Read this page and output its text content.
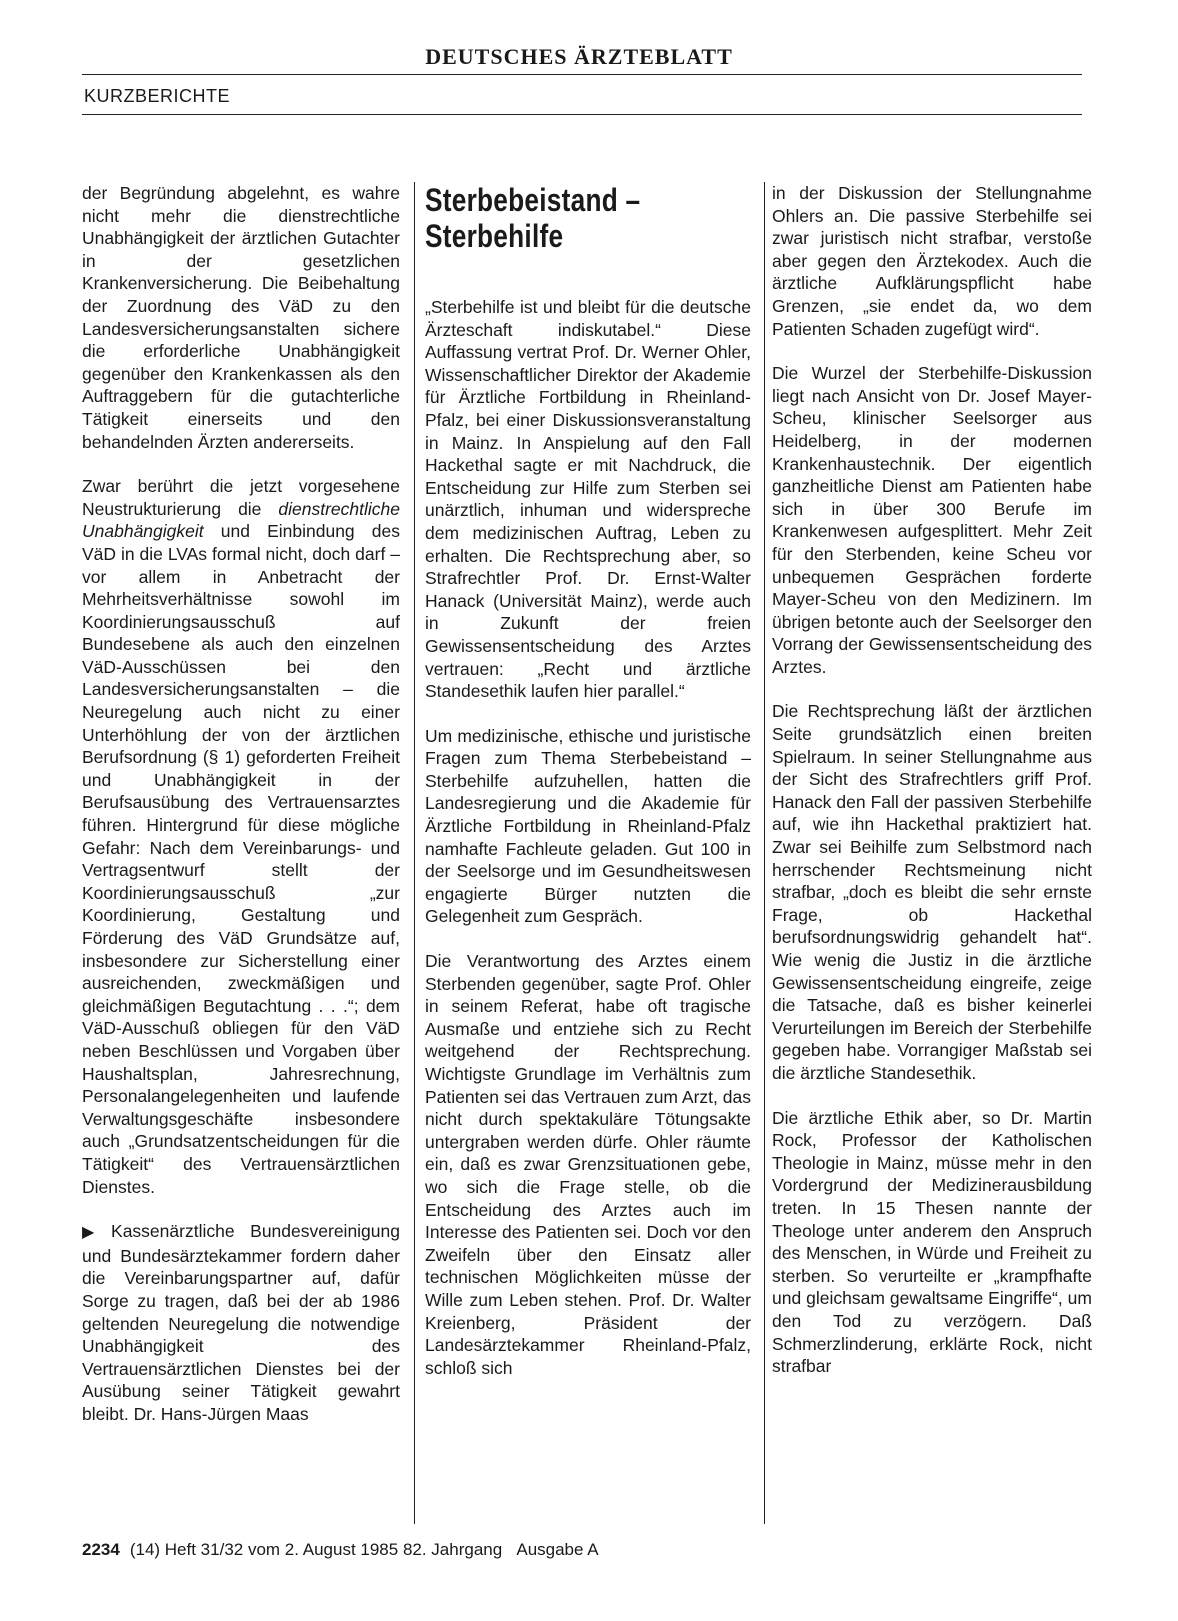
DEUTSCHES ÄRZTEBLATT
KURZBERICHTE

der Begründung abgelehnt, es wahre nicht mehr die dienstrechtliche Unabhängigkeit der ärztlichen Gutachter in der gesetzlichen Krankenversicherung. Die Beibehaltung der Zuordnung des VäD zu den Landesversicherungsanstalten sichere die erforderliche Unabhängigkeit gegenüber den Krankenkassen als den Auftraggebern für die gutachterliche Tätigkeit einerseits und den behandelnden Ärzten andererseits.

Zwar berührt die jetzt vorgesehene Neustrukturierung die dienstrechtliche Unabhängigkeit und Einbindung des VäD in die LVAs formal nicht, doch darf – vor allem in Anbetracht der Mehrheitsverhältnisse sowohl im Koordinierungsausschuß auf Bundesebene als auch den einzelnen VäD-Ausschüssen bei den Landesversicherungsanstalten – die Neuregelung auch nicht zu einer Unterhöhlung der von der ärztlichen Berufsordnung (§ 1) geforderten Freiheit und Unabhängigkeit in der Berufsausübung des Vertrauensarztes führen. Hintergrund für diese mögliche Gefahr: Nach dem Vereinbarungs- und Vertragsentwurf stellt der Koordinierungsausschuß „zur Koordinierung, Gestaltung und Förderung des VäD Grundsätze auf, insbesondere zur Sicherstellung einer ausreichenden, zweckmäßigen und gleichmäßigen Begutachtung . . .“; dem VäD-Ausschuß obliegen für den VäD neben Beschlüssen und Vorgaben über Haushaltsplan, Jahresrechnung, Personalangelegenheiten und laufende Verwaltungsgeschäfte insbesondere auch „Grundsatzentscheidungen für die Tätigkeit“ des Vertrauensärztlichen Dienstes.

▶ Kassenärztliche Bundesvereinigung und Bundesärztekammer fordern daher die Vereinbarungspartner auf, dafür Sorge zu tragen, daß bei der ab 1986 geltenden Neuregelung die notwendige Unabhängigkeit des Vertrauensärztlichen Dienstes bei der Ausübung seiner Tätigkeit gewahrt bleibt. Dr. Hans-Jürgen Maas

Sterbebeistand –
Sterbehilfe

„Sterbehilfe ist und bleibt für die deutsche Ärzteschaft indiskutabel.“ Diese Auffassung vertrat Prof. Dr. Werner Ohler, Wissenschaftlicher Direktor der Akademie für Ärztliche Fortbildung in Rheinland-Pfalz, bei einer Diskussionsveranstaltung in Mainz. In Anspielung auf den Fall Hackethal sagte er mit Nachdruck, die Entscheidung zur Hilfe zum Sterben sei unärztlich, inhuman und widerspreche dem medizinischen Auftrag, Leben zu erhalten. Die Rechtsprechung aber, so Strafrechtler Prof. Dr. Ernst-Walter Hanack (Universität Mainz), werde auch in Zukunft der freien Gewissensentscheidung des Arztes vertrauen: „Recht und ärztliche Standesethik laufen hier parallel.“

Um medizinische, ethische und juristische Fragen zum Thema Sterbebeistand – Sterbehilfe aufzuhellen, hatten die Landesregierung und die Akademie für Ärztliche Fortbildung in Rheinland-Pfalz namhafte Fachleute geladen. Gut 100 in der Seelsorge und im Gesundheitswesen engagierte Bürger nutzten die Gelegenheit zum Gespräch.

Die Verantwortung des Arztes einem Sterbenden gegenüber, sagte Prof. Ohler in seinem Referat, habe oft tragische Ausmaße und entziehe sich zu Recht weitgehend der Rechtsprechung. Wichtigste Grundlage im Verhältnis zum Patienten sei das Vertrauen zum Arzt, das nicht durch spektakuläre Tötungsakte untergraben werden dürfe. Ohler räumte ein, daß es zwar Grenzsituationen gebe, wo sich die Frage stelle, ob die Entscheidung des Arztes auch im Interesse des Patienten sei. Doch vor den Zweifeln über den Einsatz aller technischen Möglichkeiten müsse der Wille zum Leben stehen. Prof. Dr. Walter Kreienberg, Präsident der Landesärztekammer Rheinland-Pfalz, schloß sich

in der Diskussion der Stellungnahme Ohlers an. Die passive Sterbehilfe sei zwar juristisch nicht strafbar, verstoße aber gegen den Ärztekodex. Auch die ärztliche Aufklärungspflicht habe Grenzen, „sie endet da, wo dem Patienten Schaden zugefügt wird“.

Die Wurzel der Sterbehilfe-Diskussion liegt nach Ansicht von Dr. Josef Mayer-Scheu, klinischer Seelsorger aus Heidelberg, in der modernen Krankenhaustechnik. Der eigentlich ganzheitliche Dienst am Patienten habe sich in über 300 Berufe im Krankenwesen aufgesplittert. Mehr Zeit für den Sterbenden, keine Scheu vor unbequemen Gesprächen forderte Mayer-Scheu von den Medizinern. Im übrigen betonte auch der Seelsorger den Vorrang der Gewissensentscheidung des Arztes.

Die Rechtsprechung läßt der ärztlichen Seite grundsätzlich einen breiten Spielraum. In seiner Stellungnahme aus der Sicht des Strafrechtlers griff Prof. Hanack den Fall der passiven Sterbehilfe auf, wie ihn Hackethal praktiziert hat. Zwar sei Beihilfe zum Selbstmord nach herrschender Rechtsmeinung nicht strafbar, „doch es bleibt die sehr ernste Frage, ob Hackethal berufsordnungswidrig gehandelt hat“. Wie wenig die Justiz in die ärztliche Gewissensentscheidung eingreife, zeige die Tatsache, daß es bisher keinerlei Verurteilungen im Bereich der Sterbehilfe gegeben habe. Vorrangiger Maßstab sei die ärztliche Standesethik.

Die ärztliche Ethik aber, so Dr. Martin Rock, Professor der Katholischen Theologie in Mainz, müsse mehr in den Vordergrund der Medizinerausbildung treten. In 15 Thesen nannte der Theologe unter anderem den Anspruch des Menschen, in Würde und Freiheit zu sterben. So verurteilte er „krampfhafte und gleichsam gewaltsame Eingriffe“, um den Tod zu verzögern. Daß Schmerzlinderung, erklärte Rock, nicht strafbar

2234 (14) Heft 31/32 vom 2. August 1985 82. Jahrgang Ausgabe A
